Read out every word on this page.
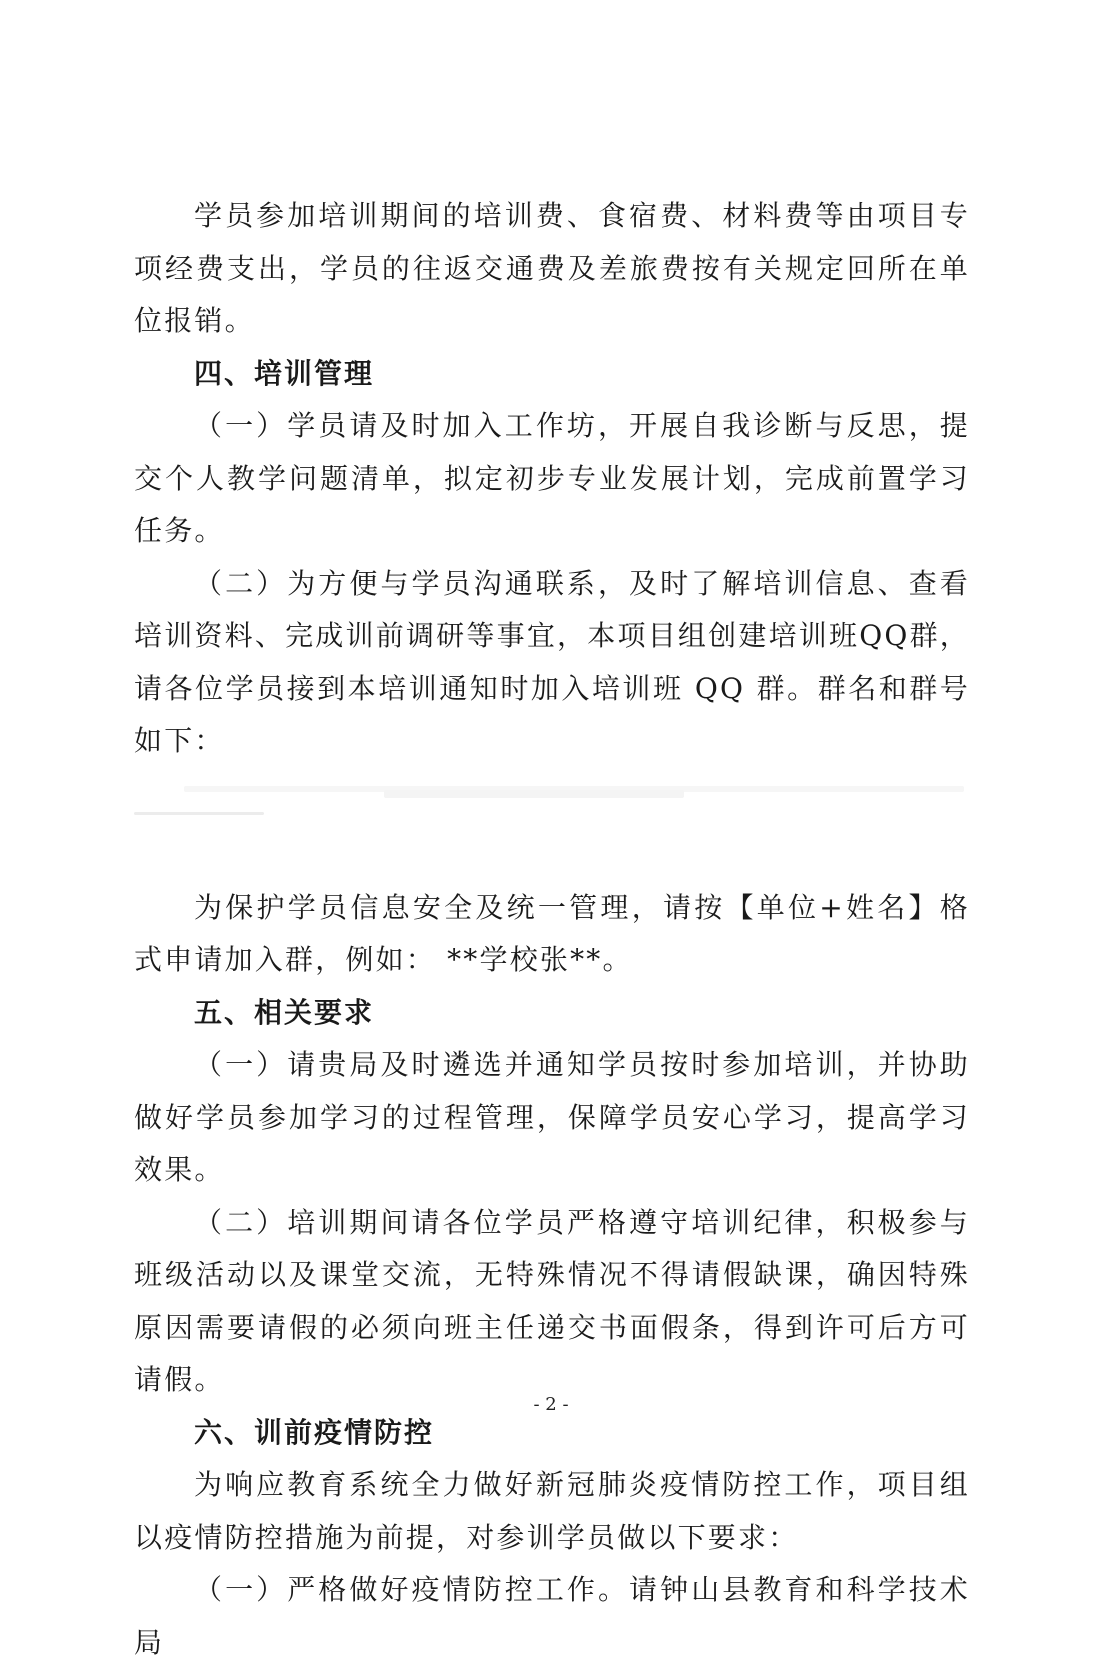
学员参加培训期间的培训费、食宿费、材料费等由项目专项经费支出，学员的往返交通费及差旅费按有关规定回所在单位报销。

四、培训管理

（一）学员请及时加入工作坊，开展自我诊断与反思，提交个人教学问题清单，拟定初步专业发展计划，完成前置学习任务。

（二）为方便与学员沟通联系，及时了解培训信息、查看培训资料、完成训前调研等事宜，本项目组创建培训班QQ群，请各位学员接到本培训通知时加入培训班 QQ 群。群名和群号如下：

为保护学员信息安全及统一管理，请按【单位+姓名】格式申请加入群，例如： **学校张**。

五、相关要求

（一）请贵局及时遴选并通知学员按时参加培训，并协助做好学员参加学习的过程管理，保障学员安心学习，提高学习效果。

（二）培训期间请各位学员严格遵守培训纪律，积极参与班级活动以及课堂交流，无特殊情况不得请假缺课，确因特殊原因需要请假的必须向班主任递交书面假条，得到许可后方可请假。

六、训前疫情防控

为响应教育系统全力做好新冠肺炎疫情防控工作，项目组以疫情防控措施为前提，对参训学员做以下要求：

（一）严格做好疫情防控工作。请钟山县教育和科学技术局

- 2 -
